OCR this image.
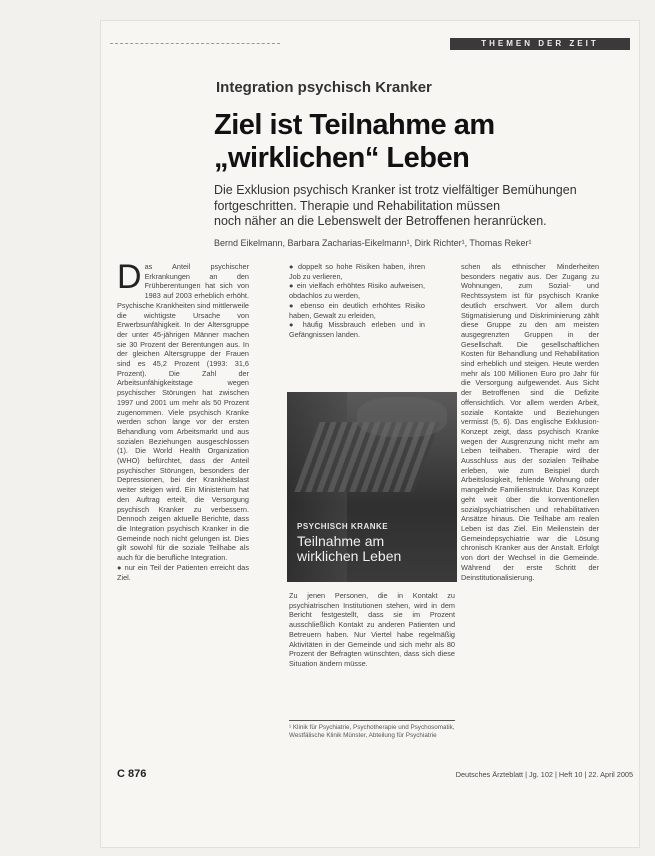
THEMEN DER ZEIT
Integration psychisch Kranker
Ziel ist Teilnahme am
„wirklichen“ Leben
Die Exklusion psychisch Kranker ist trotz vielfältiger Bemühungen
fortgeschritten. Therapie und Rehabilitation müssen
noch näher an die Lebenswelt der Betroffenen heranrücken.
Bernd Eikelmann, Barbara Zacharias-Eikelmann¹, Dirk Richter¹, Thomas Reker¹

Das Anteil psychischer Erkrankungen an den Frühberentungen hat sich von 1983 auf 2003 erheblich erhöht. Psychische Krankheiten sind mittlerweile die wichtigste Ursache von Erwerbsunfähigkeit. In der Altersgruppe der unter 45-jährigen Männer machen sie 30 Prozent der Berentungen aus. In der gleichen Altersgruppe der Frauen sind es 45,2 Prozent (1993: 31,6 Prozent). Die Zahl der Arbeitsunfähigkeitstage wegen psychischer Störungen hat zwischen 1997 und 2001 um mehr als 50 Prozent zugenommen. Viele psychisch Kranke werden schon lange vor der ersten Behandlung vom Arbeitsmarkt und aus sozialen Beziehungen ausgeschlossen (1). Die World Health Organization (WHO) befürchtet, dass der Anteil psychischer Störungen, besonders der Depressionen, bei der Krankheitslast weiter steigen wird. Ein Ministerium hat den Auftrag erteilt, die Versorgung psychisch Kranker zu verbessern. Dennoch zeigen aktuelle Berichte, dass die Integration psychisch Kranker in die Gemeinde noch nicht gelungen ist. Dies gilt sowohl für die soziale Teilhabe als auch für die berufliche Integration.

● nur ein Teil der Patienten erreicht das Ziel.

● doppelt so hohe Risiken haben, ihren Job zu verlieren,

● ein vielfach erhöhtes Risiko aufweisen, obdachlos zu werden,

● ebenso ein deutlich erhöhtes Risiko haben, Gewalt zu erleiden,

● häufig Missbrauch erleben und in Gefängnissen landen.

PSYCHISCH KRANKE
Teilnahme am
wirklichen Leben

Zu jenen Personen, die in Kontakt zu psychiatrischen Institutionen stehen, wird in dem Bericht festgestellt, dass sie im Prozent ausschließlich Kontakt zu anderen Patienten und Betreuern haben. Nur Viertel habe regelmäßig Aktivitäten in der Gemeinde und sich mehr als 80 Prozent der Befragten wünschten, dass sich diese Situation ändern müsse.

¹ Klinik für Psychiatrie, Psychotherapie und Psychosomatik, Westfälische Klinik Münster, Abteilung für Psychiatrie

schen als ethnischer Minderheiten besonders negativ aus. Der Zugang zu Wohnungen, zum Sozial- und Rechtssystem ist für psychisch Kranke deutlich erschwert. Vor allem durch Stigmatisierung und Diskriminierung zählt diese Gruppe zu den am meisten ausgegrenzten Gruppen in der Gesellschaft. Die gesellschaftlichen Kosten für Behandlung und Rehabilitation sind erheblich und steigen. Heute werden mehr als 100 Millionen Euro pro Jahr für die Versorgung aufgewendet. Aus Sicht der Betroffenen sind die Defizite offensichtlich. Vor allem werden Arbeit, soziale Kontakte und Beziehungen vermisst (5, 6). Das englische Exklusion-Konzept zeigt, dass psychisch Kranke wegen der Ausgrenzung nicht mehr am Leben teilhaben. Therapie wird der Ausschluss aus der sozialen Teilhabe erleben, wie zum Beispiel durch Arbeitslosigkeit, fehlende Wohnung oder mangelnde Familienstruktur. Das Konzept geht weit über die konventionellen sozialpsychiatrischen und rehabilitativen Ansätze hinaus. Die Teilhabe am realen Leben ist das Ziel. Ein Meilenstein der Gemeindepsychiatrie war die Lösung chronisch Kranker aus der Anstalt. Erfolgt von dort der Wechsel in die Gemeinde. Während der erste Schritt der Deinstitutionalisierung.

C 876	Deutsches Ärzteblatt | Jg. 102 | Heft 10 | 22. April 2005
